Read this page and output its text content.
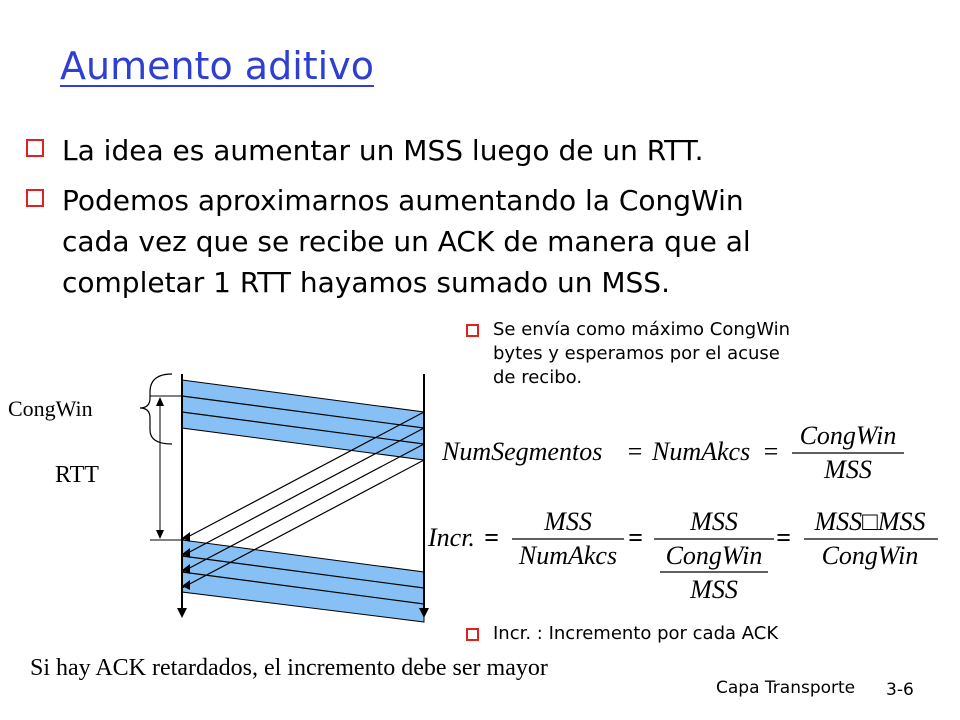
Aumento aditivo
La idea es aumentar un MSS luego de un RTT.
Podemos aproximarnos aumentando la CongWin
cada vez que se recibe un ACK de manera que al
completar 1 RTT hayamos sumado un MSS.
Se envía como máximo CongWin
bytes y esperamos por el acuse
de recibo.
CongWin
RTT
NumSegmentos = NumAkcs =
CongWin
MSS
Incr. =
MSS
NumAkcs
=
MSS
CongWin
MSS
=
MSS□MSS
CongWin
Incr. : Incremento por cada ACK
Si hay ACK retardados, el incremento debe ser mayor
Capa Transporte 3-6
